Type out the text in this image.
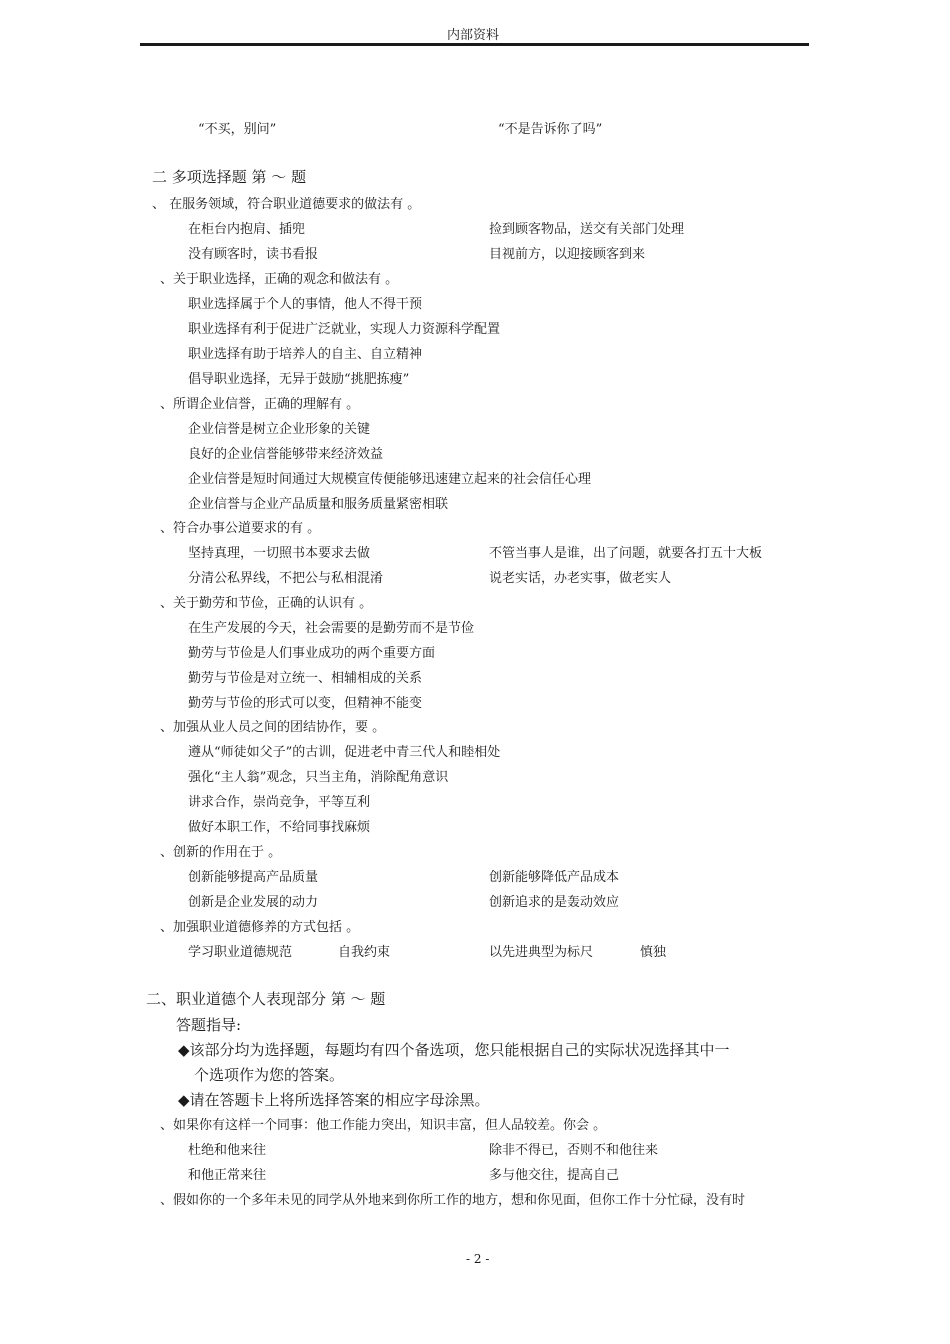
内部资料
“不买，别问”	“不是告诉你了吗”
二 多项选择题 第 ～ 题
、 在服务领域，符合职业道德要求的做法有 。
在柜台内抱肩、插兜	捡到顾客物品，送交有关部门处理
没有顾客时，读书看报	目视前方，以迎接顾客到来
、关于职业选择，正确的观念和做法有 。
职业选择属于个人的事情，他人不得干预
职业选择有利于促进广泛就业，实现人力资源科学配置
职业选择有助于培养人的自主、自立精神
倡导职业选择，无异于鼓励“挑肥拣瘦”
、所谓企业信誉，正确的理解有 。
企业信誉是树立企业形象的关键
良好的企业信誉能够带来经济效益
企业信誉是短时间通过大规模宣传便能够迅速建立起来的社会信任心理
企业信誉与企业产品质量和服务质量紧密相联
、符合办事公道要求的有 。
坚持真理，一切照书本要求去做	不管当事人是谁，出了问题，就要各打五十大板
分清公私界线，不把公与私相混淆	说老实话，办老实事，做老实人
、关于勤劳和节俭，正确的认识有 。
在生产发展的今天，社会需要的是勤劳而不是节俭
勤劳与节俭是人们事业成功的两个重要方面
勤劳与节俭是对立统一、相辅相成的关系
勤劳与节俭的形式可以变，但精神不能变
、加强从业人员之间的团结协作，要 。
遵从“师徒如父子”的古训，促进老中青三代人和睦相处
强化“主人翁”观念，只当主角，消除配角意识
讲求合作，崇尚竞争，平等互利
做好本职工作，不给同事找麻烦
、创新的作用在于 。
创新能够提高产品质量	创新能够降低产品成本
创新是企业发展的动力	创新追求的是轰动效应
、加强职业道德修养的方式包括 。
学习职业道德规范	自我约束	以先进典型为标尺	慎独
二、职业道德个人表现部分 第 ～ 题
答题指导:
◆该部分均为选择题，每题均有四个备选项，您只能根据自己的实际状况选择其中一
个选项作为您的答案。
◆请在答题卡上将所选择答案的相应字母涂黑。
、如果你有这样一个同事：他工作能力突出，知识丰富，但人品较差。你会 。
杜绝和他来往	除非不得已，否则不和他往来
和他正常来往	多与他交往，提高自己
、假如你的一个多年未见的同学从外地来到你所工作的地方，想和你见面，但你工作十分忙碌，没有时
- 2 -
